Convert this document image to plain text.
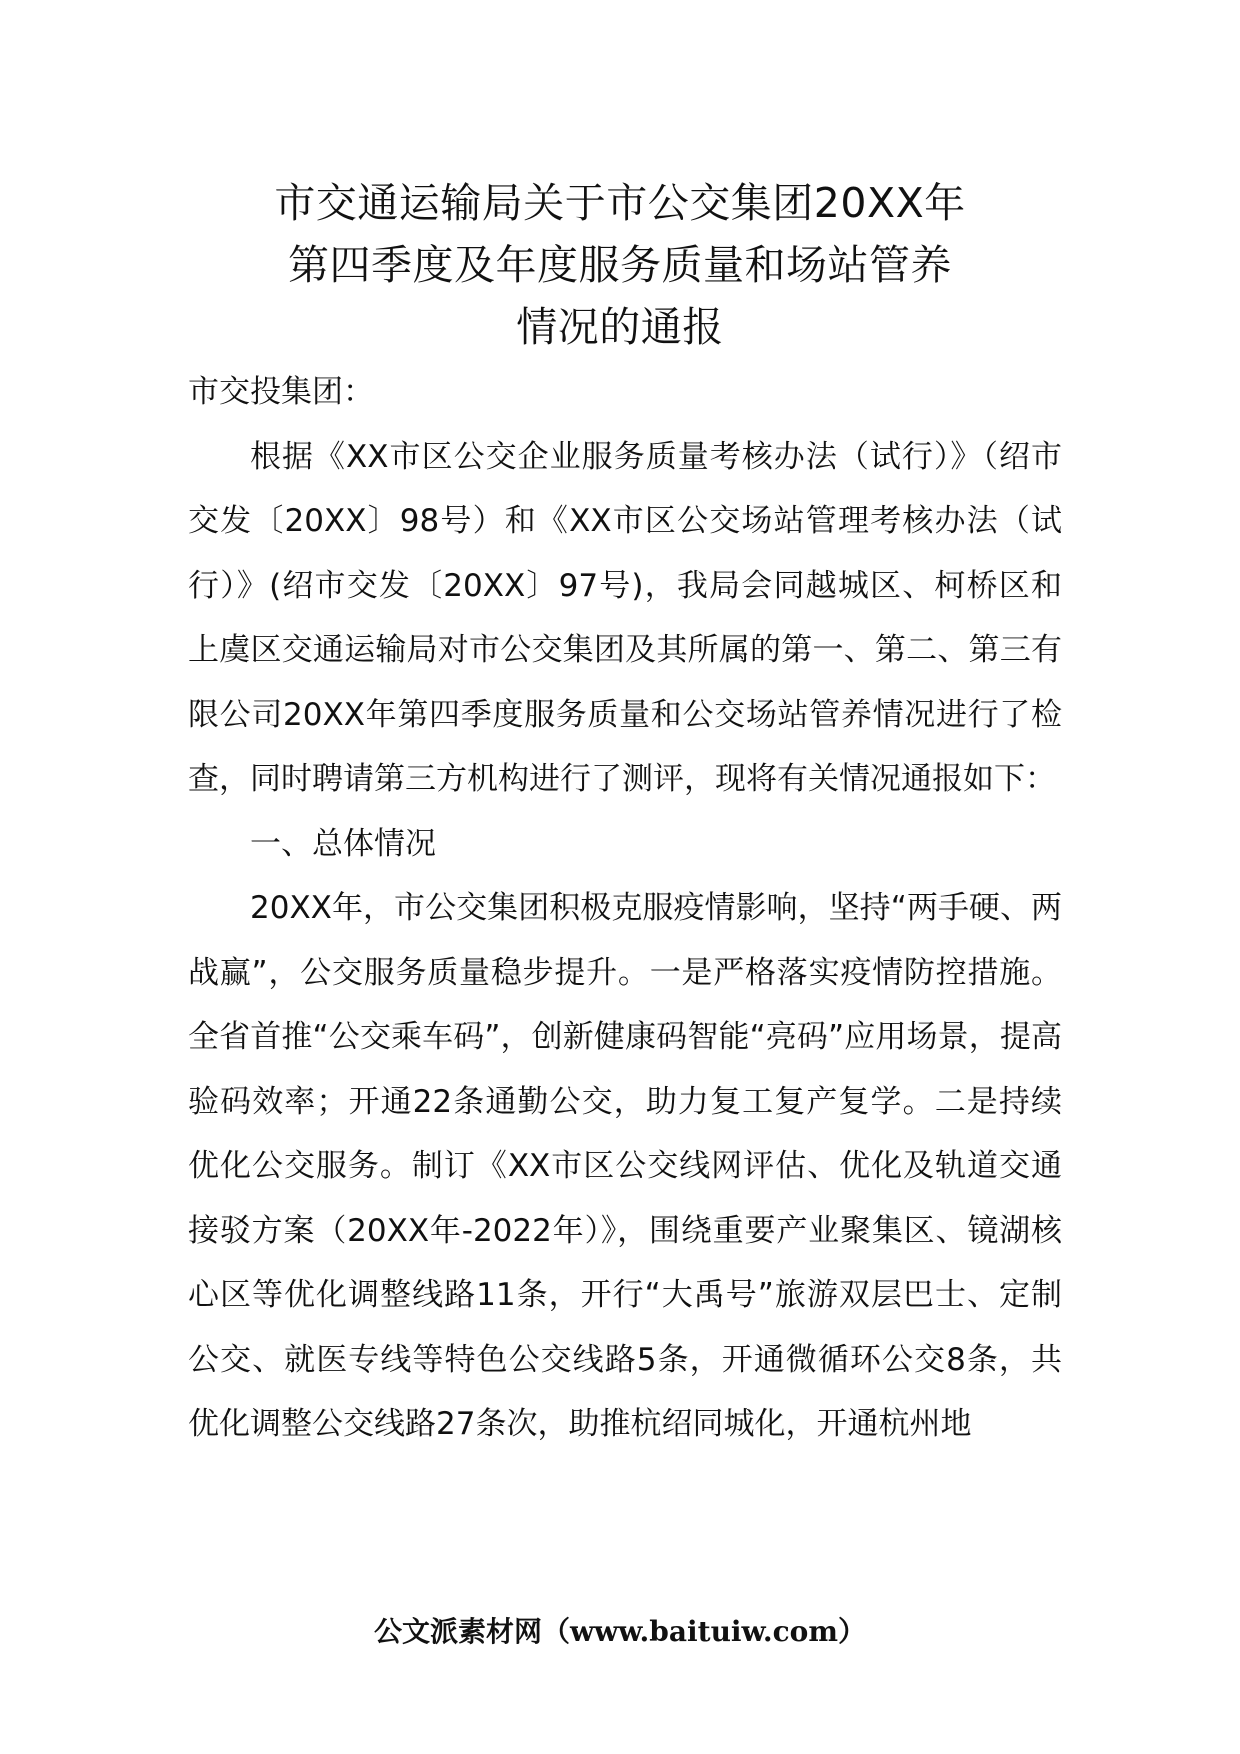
市交通运输局关于市公交集团20XX年
第四季度及年度服务质量和场站管养
情况的通报

市交投集团：

根据《XX市区公交企业服务质量考核办法（试行）》（绍市交发〔20XX〕98号）和《XX市区公交场站管理考核办法（试行）》(绍市交发〔20XX〕97号)，我局会同越城区、柯桥区和上虞区交通运输局对市公交集团及其所属的第一、第二、第三有限公司20XX年第四季度服务质量和公交场站管养情况进行了检查，同时聘请第三方机构进行了测评，现将有关情况通报如下：

一、总体情况

20XX年，市公交集团积极克服疫情影响，坚持“两手硬、两战赢”，公交服务质量稳步提升。一是严格落实疫情防控措施。全省首推“公交乘车码”，创新健康码智能“亮码”应用场景，提高验码效率；开通22条通勤公交，助力复工复产复学。二是持续优化公交服务。制订《XX市区公交线网评估、优化及轨道交通接驳方案（20XX年-2022年）》，围绕重要产业聚集区、镜湖核心区等优化调整线路11条，开行“大禹号”旅游双层巴士、定制公交、就医专线等特色公交线路5条，开通微循环公交8条，共优化调整公交线路27条次，助推杭绍同城化，开通杭州地

公文派素材网（www.baituiw.com）
